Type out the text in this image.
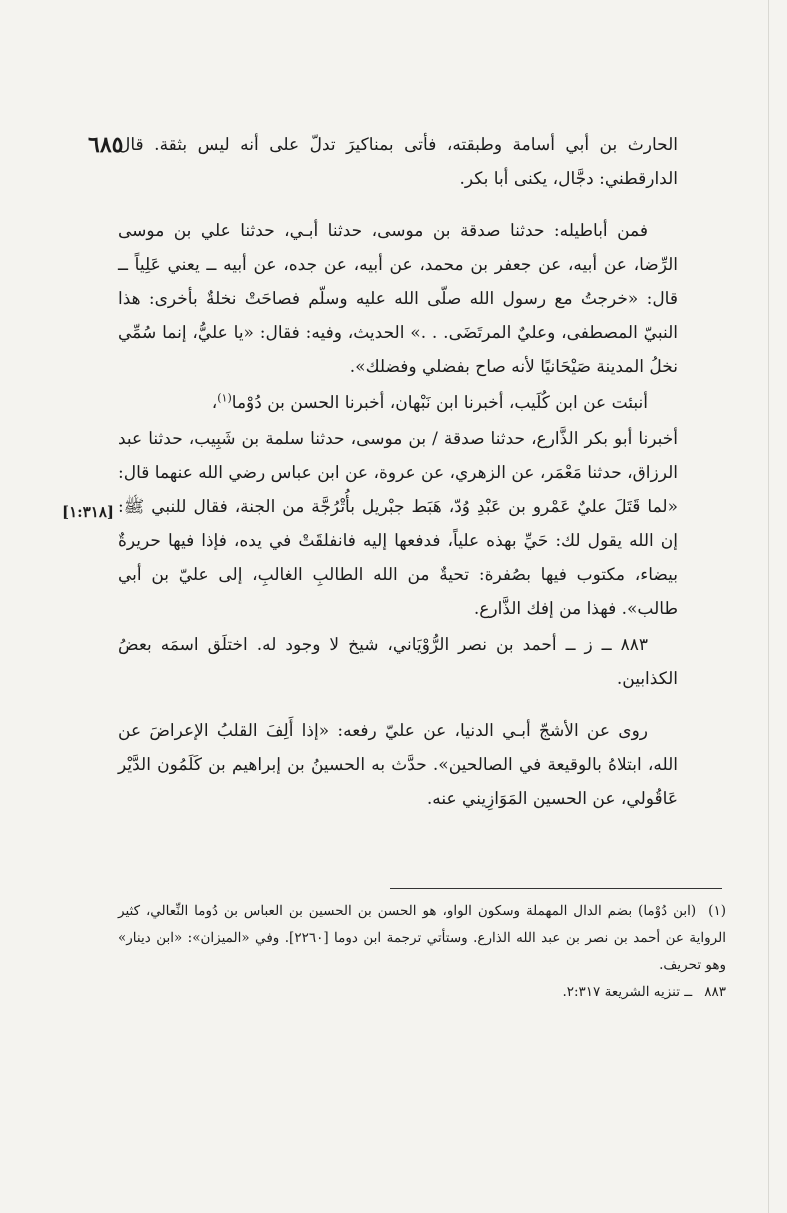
٦٨٥

الحارث بن أبي أسامة وطبقته، فأتى بمناكيرَ تدلّ على أنه ليس بثقة. قال الدارقطني: دجَّال، يكنى أبا بكر.

فمن أباطيله: حدثنا صدقة بن موسى، حدثنا أبـي، حدثنا علي بن موسى الرِّضا، عن أبيه، عن جعفر بن محمد، عن أبيه، عن جده، عن أبيه ــ يعني عَلِياً ــ قال: «خرجتُ مع رسول الله صلّى الله عليه وسلّم فصاحَتْ نخلةٌ بأخرى: هذا النبيّ المصطفى، وعليٌ المرتَضَى. . .» الحديث، وفيه: فقال: «يا عليُّ، إنما سُمِّي نخلُ المدينة صَيْحَانيًا لأنه صاح بفضلي وفضلك».

أنبئت عن ابن كُلَيب، أخبرنا ابن نَبْهان، أخبرنا الحسن بن دُوْما$^{(١)}$،

أخبرنا أبو بكر الذَّارع، حدثنا صدقة / بن موسى، حدثنا سلمة بن شَبِيب، حدثنا عبد الرزاق، حدثنا مَعْمَر، عن الزهري، عن عروة، عن ابن عباس رضي الله عنهما قال: «لما قَتَلَ عليٌ عَمْرو بن عَبْدِ وُدّ، هَبَط جبْريل بأُتْرُجَّة من الجنة، فقال للنبي ﷺ: إن الله يقول لك: حَيِّ بهذه علياً، فدفعها إليه فانفلقَتْ في يده، فإذا فيها حريرةٌ بيضاء، مكتوب فيها بصُفرة: تحيةٌ من الله الطالبِ الغالبِ، إلى عليّ بن أبي طالب». فهذا من إفك الذَّارع.

٨٨٣ ــ ز ــ أحمد بن نصر الرُّوْيَاني، شيخ لا وجود له. اختلَق اسمَه بعضُ الكذابين.

روى عن الأشجّ أبـي الدنيا، عن عليّ رفعه: «إذا أَلِفَ القلبُ الإعراضَ عن الله، ابتلاهُ بالوقيعة في الصالحين». حدَّث به الحسينُ بن إبراهيم بن كَلَمُون الدَّيْر عَاقُولي، عن الحسين المَوَازِيني عنه.

[١:٣١٨]

(١)(ابن دُوْما) بضم الدال المهملة وسكون الواو، هو الحسن بن الحسين بن العباس بن دُوما النِّعالي، كثير الرواية عن أحمد بن نصر بن عبد الله الذارع. وستأتي ترجمة ابن دوما [٢٢٦٠]. وفي «الميزان»: «ابن دينار» وهو تحريف.

٨٨٣ــ تنزيه الشريعة ٢:٣١٧.
